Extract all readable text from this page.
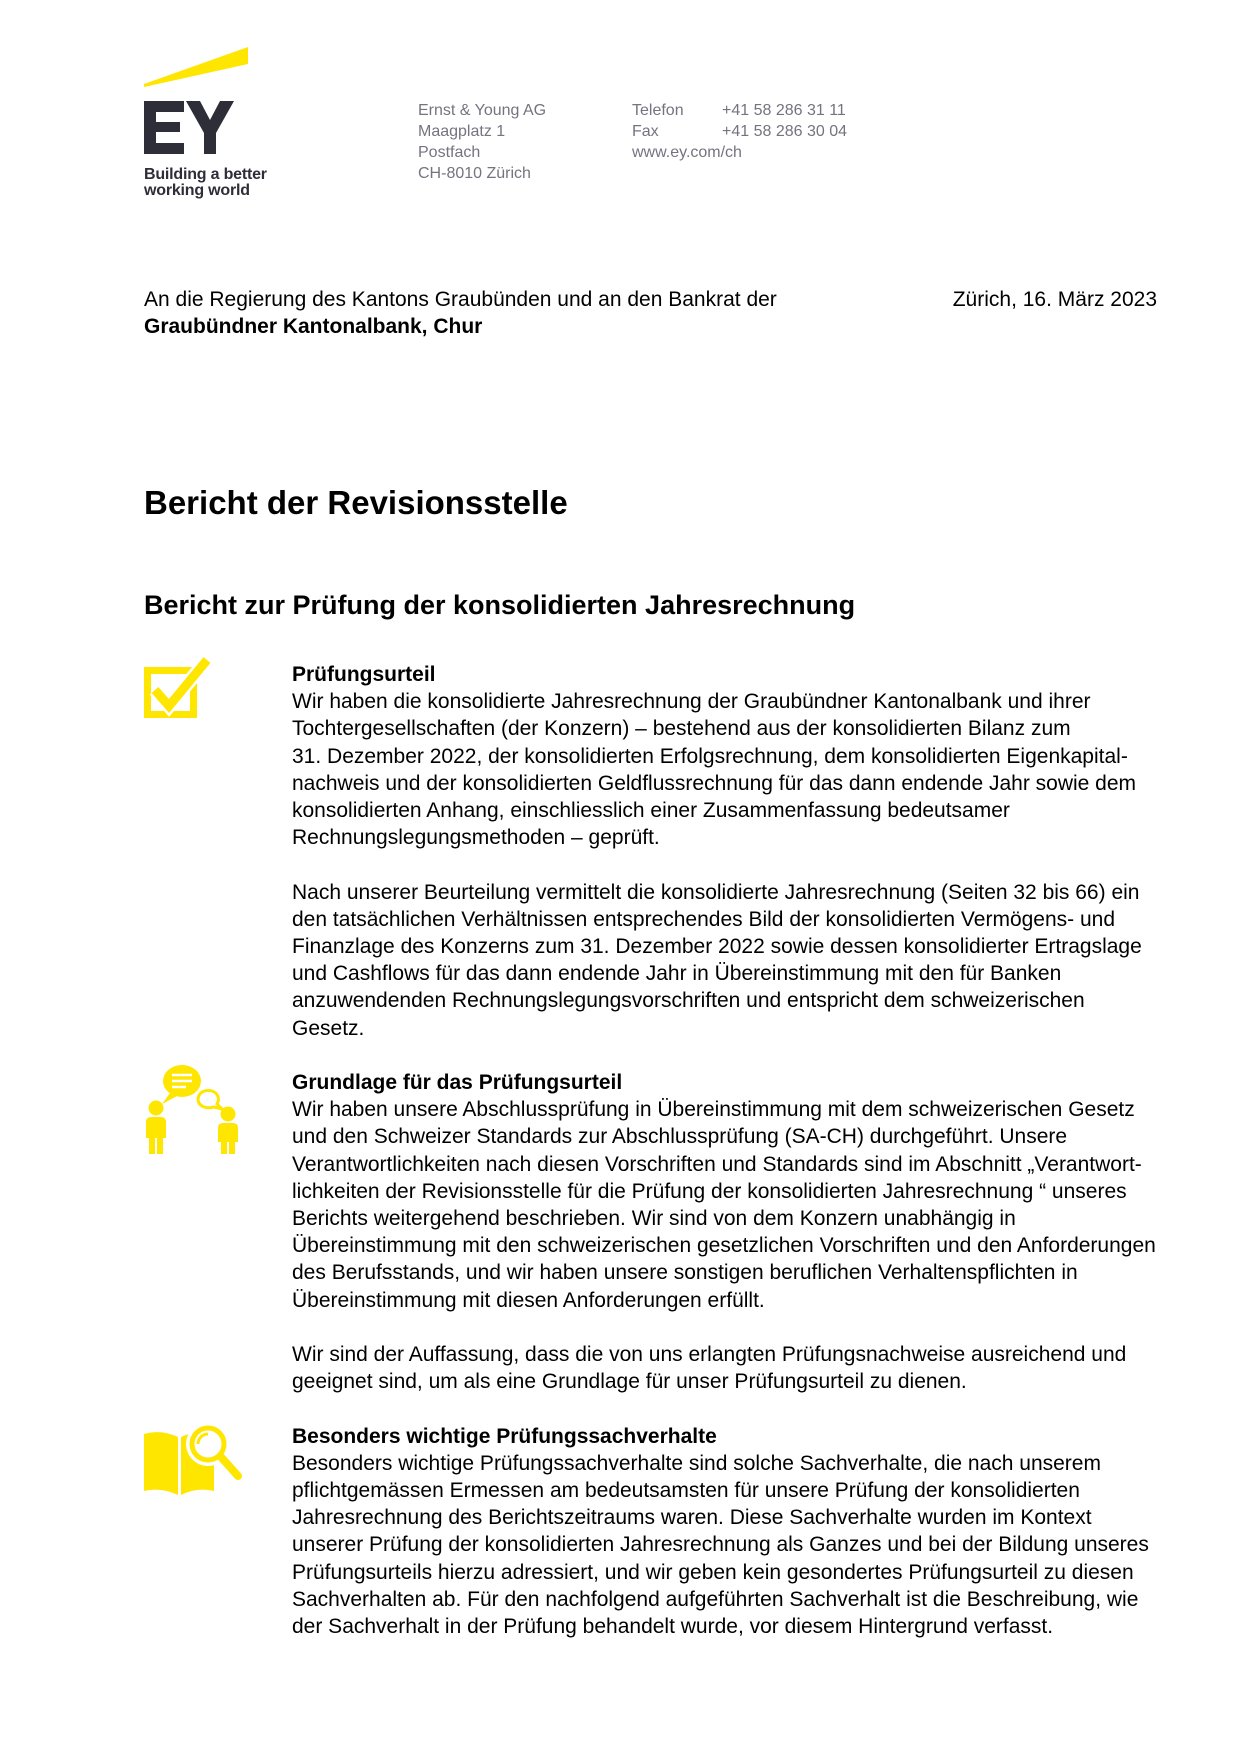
Building a better
working world
Ernst & Young AG
Maagplatz 1
Postfach
CH-8010 Zürich
Telefon
Fax
www.ey.com/ch
+41 58 286 31 11
+41 58 286 30 04
An die Regierung des Kantons Graubünden und an den Bankrat der
Graubündner Kantonalbank, Chur
Zürich, 16. März 2023
Bericht der Revisionsstelle
Bericht zur Prüfung der konsolidierten Jahresrechnung
Prüfungsurteil
Wir haben die konsolidierte Jahresrechnung der Graubündner Kantonalbank und ihrer
Tochtergesellschaften (der Konzern) – bestehend aus der konsolidierten Bilanz zum
31. Dezember 2022, der konsolidierten Erfolgsrechnung, dem konsolidierten Eigenkapital-
nachweis und der konsolidierten Geldflussrechnung für das dann endende Jahr sowie dem
konsolidierten Anhang, einschliesslich einer Zusammenfassung bedeutsamer
Rechnungslegungsmethoden – geprüft.
Nach unserer Beurteilung vermittelt die konsolidierte Jahresrechnung (Seiten 32 bis 66) ein
den tatsächlichen Verhältnissen entsprechendes Bild der konsolidierten Vermögens- und
Finanzlage des Konzerns zum 31. Dezember 2022 sowie dessen konsolidierter Ertragslage
und Cashflows für das dann endende Jahr in Übereinstimmung mit den für Banken
anzuwendenden Rechnungslegungsvorschriften und entspricht dem schweizerischen
Gesetz.
Grundlage für das Prüfungsurteil
Wir haben unsere Abschlussprüfung in Übereinstimmung mit dem schweizerischen Gesetz
und den Schweizer Standards zur Abschlussprüfung (SA-CH) durchgeführt. Unsere
Verantwortlichkeiten nach diesen Vorschriften und Standards sind im Abschnitt „Verantwort-
lichkeiten der Revisionsstelle für die Prüfung der konsolidierten Jahresrechnung “ unseres
Berichts weitergehend beschrieben. Wir sind von dem Konzern unabhängig in
Übereinstimmung mit den schweizerischen gesetzlichen Vorschriften und den Anforderungen
des Berufsstands, und wir haben unsere sonstigen beruflichen Verhaltenspflichten in
Übereinstimmung mit diesen Anforderungen erfüllt.
Wir sind der Auffassung, dass die von uns erlangten Prüfungsnachweise ausreichend und
geeignet sind, um als eine Grundlage für unser Prüfungsurteil zu dienen.
Besonders wichtige Prüfungssachverhalte
Besonders wichtige Prüfungssachverhalte sind solche Sachverhalte, die nach unserem
pflichtgemässen Ermessen am bedeutsamsten für unsere Prüfung der konsolidierten
Jahresrechnung des Berichtszeitraums waren. Diese Sachverhalte wurden im Kontext
unserer Prüfung der konsolidierten Jahresrechnung als Ganzes und bei der Bildung unseres
Prüfungsurteils hierzu adressiert, und wir geben kein gesondertes Prüfungsurteil zu diesen
Sachverhalten ab. Für den nachfolgend aufgeführten Sachverhalt ist die Beschreibung, wie
der Sachverhalt in der Prüfung behandelt wurde, vor diesem Hintergrund verfasst.
